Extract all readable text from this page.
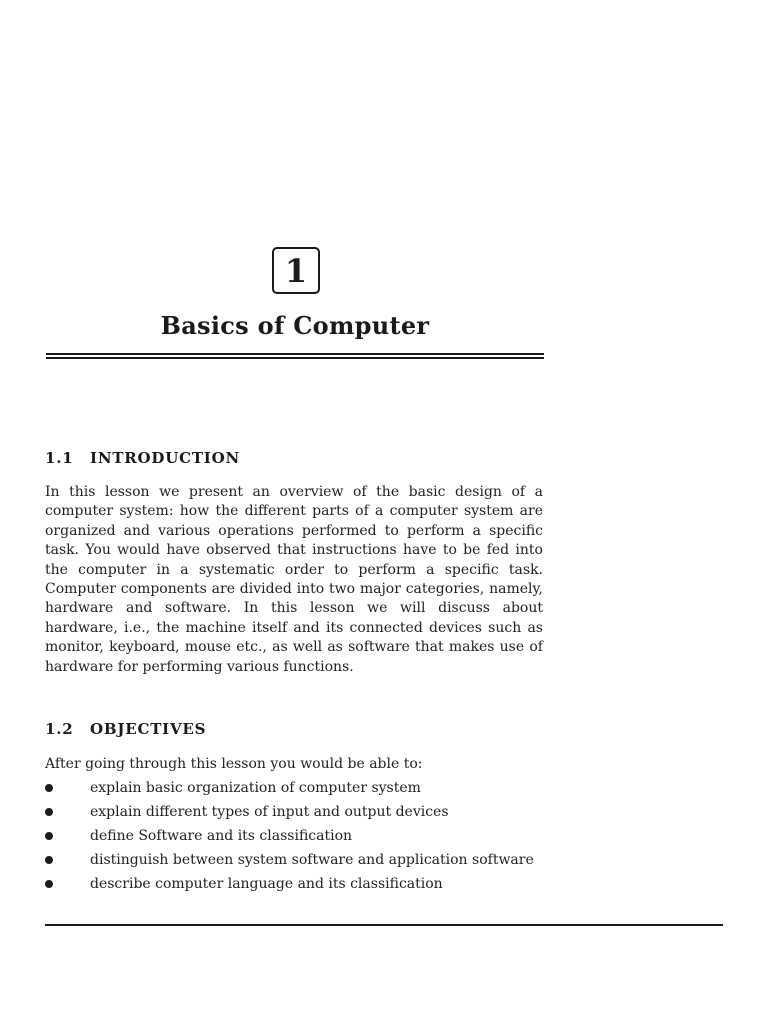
1
Basics of Computer
1.1 INTRODUCTION

In this lesson we present an overview of the basic design of a computer system: how the different parts of a computer system are organized and various operations performed to perform a specific task. You would have observed that instructions have to be fed into the computer in a systematic order to perform a specific task. Computer components are divided into two major categories, namely, hardware and software. In this lesson we will discuss about hardware, i.e., the machine itself and its connected devices such as monitor, keyboard, mouse etc., as well as software that makes use of hardware for performing various functions.

1.2 OBJECTIVES
After going through this lesson you would be able to:
explain basic organization of computer system
explain different types of input and output devices
define Software and its classification
distinguish between system software and application software
describe computer language and its classification
